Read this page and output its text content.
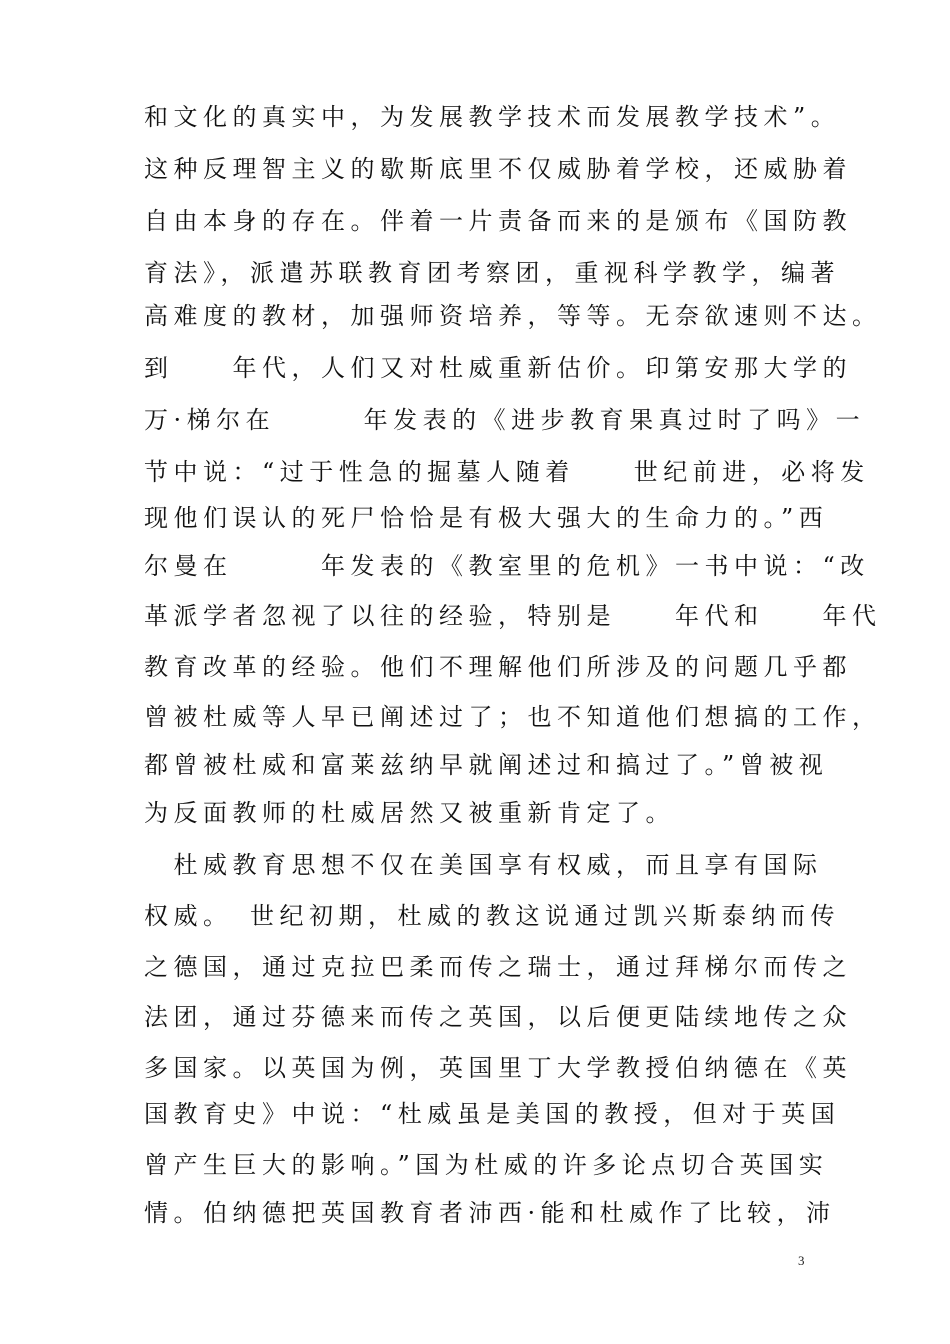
和文化的真实中，为发展教学技术而发展教学技术”。
这种反理智主义的歇斯底里不仅威胁着学校，还威胁着
自由本身的存在。伴着一片责备而来的是颁布《国防教
育法》，派遣苏联教育团考察团，重视科学教学，编著
高难度的教材，加强师资培养，等等。无奈欲速则不达。
到　　年代，人们又对杜威重新估价。印第安那大学的
万·梯尔在　　　年发表的《进步教育果真过时了吗》一
节中说：“过于性急的掘墓人随着　　世纪前进，必将发
现他们误认的死尸恰恰是有极大强大的生命力的。”西
尔曼在　　　年发表的《教室里的危机》一书中说：“改
革派学者忽视了以往的经验，特别是　　年代和　　年代
教育改革的经验。他们不理解他们所涉及的问题几乎都
曾被杜威等人早已阐述过了；也不知道他们想搞的工作，
都曾被杜威和富莱兹纳早就阐述过和搞过了。”曾被视
为反面教师的杜威居然又被重新肯定了。
　杜威教育思想不仅在美国享有权威，而且享有国际
权威。　世纪初期，杜威的教这说通过凯兴斯泰纳而传
之德国，通过克拉巴柔而传之瑞士，通过拜梯尔而传之
法团，通过芬德来而传之英国，以后便更陆续地传之众
多国家。以英国为例，英国里丁大学教授伯纳德在《英
国教育史》中说：“杜威虽是美国的教授，但对于英国
曾产生巨大的影响。”国为杜威的许多论点切合英国实
情。伯纳德把英国教育者沛西·能和杜威作了比较，沛
3
